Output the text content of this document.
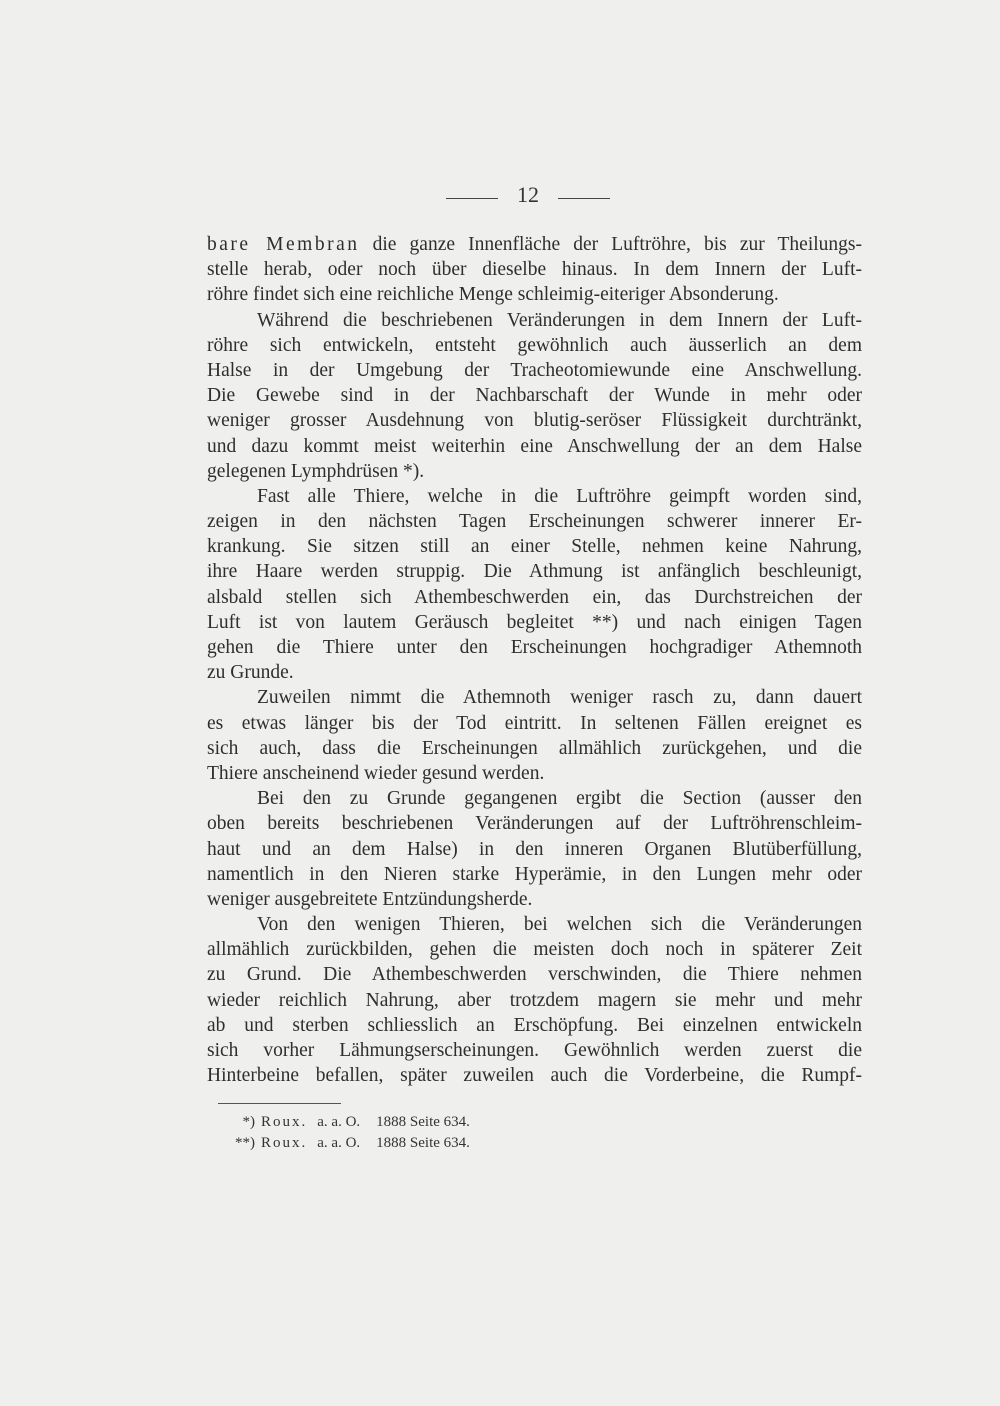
12
bare Membran die ganze Innenfläche der Luftröhre, bis zur Theilungs-
stelle herab, oder noch über dieselbe hinaus. In dem Innern der Luft-
röhre findet sich eine reichliche Menge schleimig-eiteriger Absonderung.
Während die beschriebenen Veränderungen in dem Innern der Luft-
röhre sich entwickeln, entsteht gewöhnlich auch äusserlich an dem
Halse in der Umgebung der Tracheotomiewunde eine Anschwellung.
Die Gewebe sind in der Nachbarschaft der Wunde in mehr oder
weniger grosser Ausdehnung von blutig-seröser Flüssigkeit durchtränkt,
und dazu kommt meist weiterhin eine Anschwellung der an dem Halse
gelegenen Lymphdrüsen *).
Fast alle Thiere, welche in die Luftröhre geimpft worden sind,
zeigen in den nächsten Tagen Erscheinungen schwerer innerer Er-
krankung. Sie sitzen still an einer Stelle, nehmen keine Nahrung,
ihre Haare werden struppig. Die Athmung ist anfänglich beschleunigt,
alsbald stellen sich Athembeschwerden ein, das Durchstreichen der
Luft ist von lautem Geräusch begleitet **) und nach einigen Tagen
gehen die Thiere unter den Erscheinungen hochgradiger Athemnoth
zu Grunde.
Zuweilen nimmt die Athemnoth weniger rasch zu, dann dauert
es etwas länger bis der Tod eintritt. In seltenen Fällen ereignet es
sich auch, dass die Erscheinungen allmählich zurückgehen, und die
Thiere anscheinend wieder gesund werden.
Bei den zu Grunde gegangenen ergibt die Section (ausser den
oben bereits beschriebenen Veränderungen auf der Luftröhrenschleim-
haut und an dem Halse) in den inneren Organen Blutüberfüllung,
namentlich in den Nieren starke Hyperämie, in den Lungen mehr oder
weniger ausgebreitete Entzündungsherde.
Von den wenigen Thieren, bei welchen sich die Veränderungen
allmählich zurückbilden, gehen die meisten doch noch in späterer Zeit
zu Grund. Die Athembeschwerden verschwinden, die Thiere nehmen
wieder reichlich Nahrung, aber trotzdem magern sie mehr und mehr
ab und sterben schliesslich an Erschöpfung. Bei einzelnen entwickeln
sich vorher Lähmungserscheinungen. Gewöhnlich werden zuerst die
Hinterbeine befallen, später zuweilen auch die Vorderbeine, die Rumpf-
*) Roux. a. a. O. 1888 Seite 634.
**) Roux. a. a. O. 1888 Seite 634.
